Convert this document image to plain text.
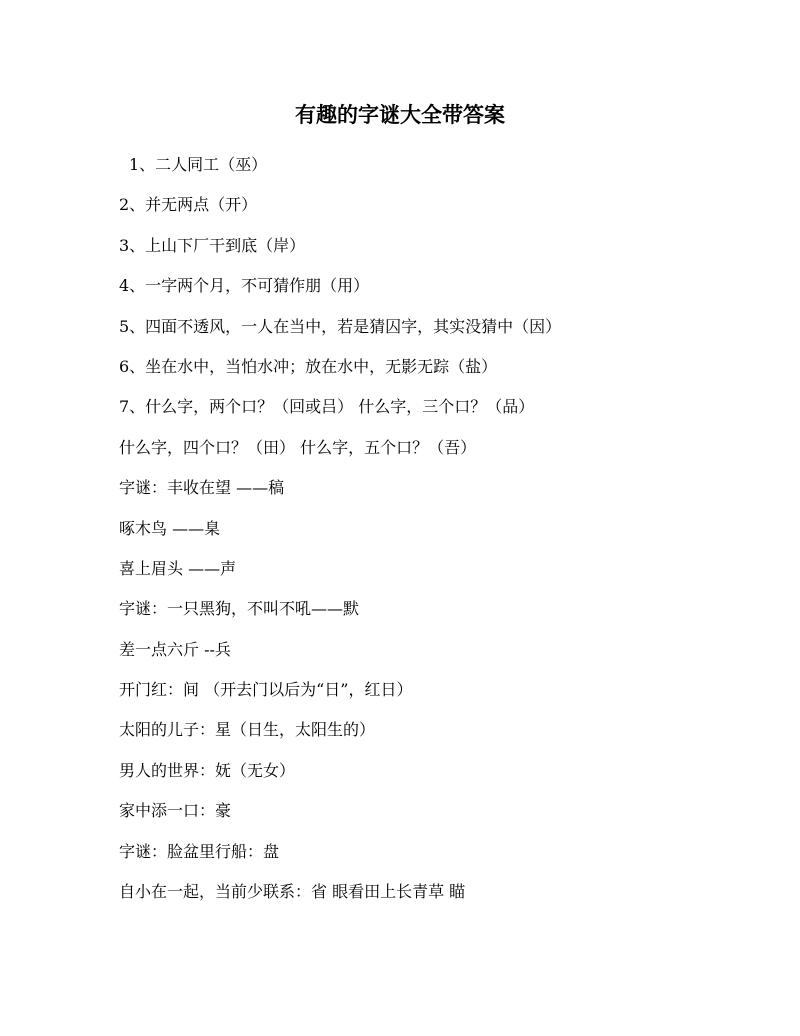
有趣的字谜大全带答案
1、二人同工（巫）
2、并无两点（开）
3、上山下厂干到底（岸）
4、一字两个月，不可猜作朋（用）
5、四面不透风，一人在当中，若是猜囚字，其实没猜中（因）
6、坐在水中，当怕水冲；放在水中，无影无踪（盐）
7、什么字，两个口？（回或吕） 什么字，三个口？（品）
什么字，四个口？（田） 什么字，五个口？（吾）
字谜：丰收在望 ——稿
啄木鸟 ——臬
喜上眉头 ——声
字谜：一只黑狗，不叫不吼——默
差一点六斤 --兵
开门红：间 （开去门以后为“日”，红日）
太阳的儿子：星（日生，太阳生的）
男人的世界：妩（无女）
家中添一口：豪
字谜：脸盆里行船：盘
自小在一起，当前少联系：省 眼看田上长青草 瞄
